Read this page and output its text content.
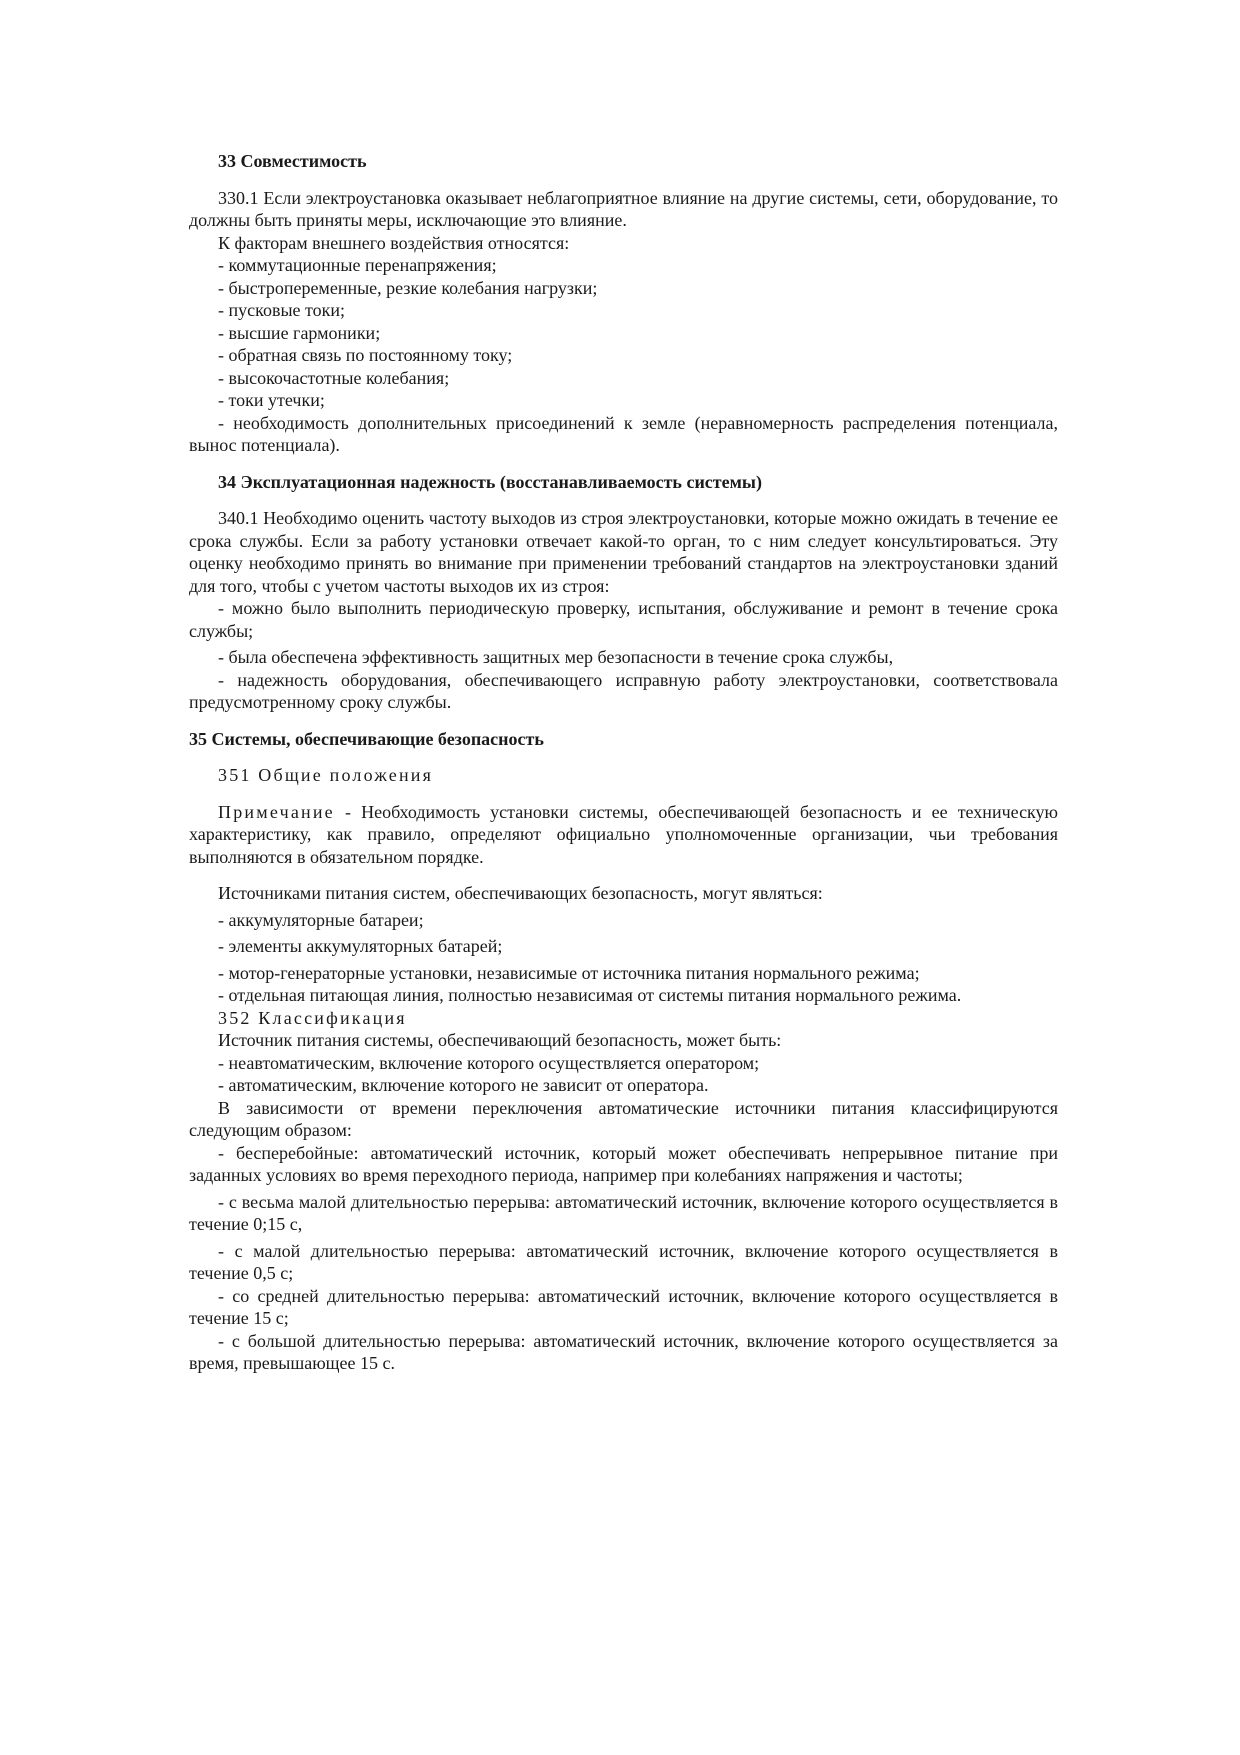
33 Совместимость

330.1 Если электроустановка оказывает неблагоприятное влияние на другие системы, сети, оборудование, то должны быть приняты меры, исключающие это влияние.

К факторам внешнего воздействия относятся:

- коммутационные перенапряжения;

- быстропеременные, резкие колебания нагрузки;

- пусковые токи;

- высшие гармоники;

- обратная связь по постоянному току;

- высокочастотные колебания;

- токи утечки;

- необходимость дополнительных присоединений к земле (неравномерность распределения потенциала, вынос потенциала).

34 Эксплуатационная надежность (восстанавливаемость системы)

340.1 Необходимо оценить частоту выходов из строя электроустановки, которые можно ожидать в течение ее срока службы. Если за работу установки отвечает какой-то орган, то с ним следует консультироваться. Эту оценку необходимо принять во внимание при применении требований стандартов на электроустановки зданий для того, чтобы с учетом частоты выходов их из строя:

- можно было выполнить периодическую проверку, испытания, обслуживание и ремонт в течение срока службы;

- была обеспечена эффективность защитных мер безопасности в течение срока службы,

- надежность оборудования, обеспечивающего исправную работу электроустановки, соответствовала предусмотренному сроку службы.

35 Системы, обеспечивающие безопасность

351 Общие положения

Примечание - Необходимость установки системы, обеспечивающей безопасность и ее техническую характеристику, как правило, определяют официально уполномоченные организации, чьи требования выполняются в обязательном порядке.

Источниками питания систем, обеспечивающих безопасность, могут являться:

- аккумуляторные батареи;

- элементы аккумуляторных батарей;

- мотор-генераторные установки, независимые от источника питания нормального режима;

- отдельная питающая линия, полностью независимая от системы питания нормального режима.

352 Классификация

Источник питания системы, обеспечивающий безопасность, может быть:

- неавтоматическим, включение которого осуществляется оператором;

- автоматическим, включение которого не зависит от оператора.

В зависимости от времени переключения автоматические источники питания классифицируются следующим образом:

- бесперебойные: автоматический источник, который может обеспечивать непрерывное питание при заданных условиях во время переходного периода, например при колебаниях напряжения и частоты;

- с весьма малой длительностью перерыва: автоматический источник, включение которого осуществляется в течение 0;15 с,

- с малой длительностью перерыва: автоматический источник, включение которого осуществляется в течение 0,5 с;

- со средней длительностью перерыва: автоматический источник, включение которого осуществляется в течение 15 с;

- с большой длительностью перерыва: автоматический источник, включение которого осуществляется за время, превышающее 15 с.
